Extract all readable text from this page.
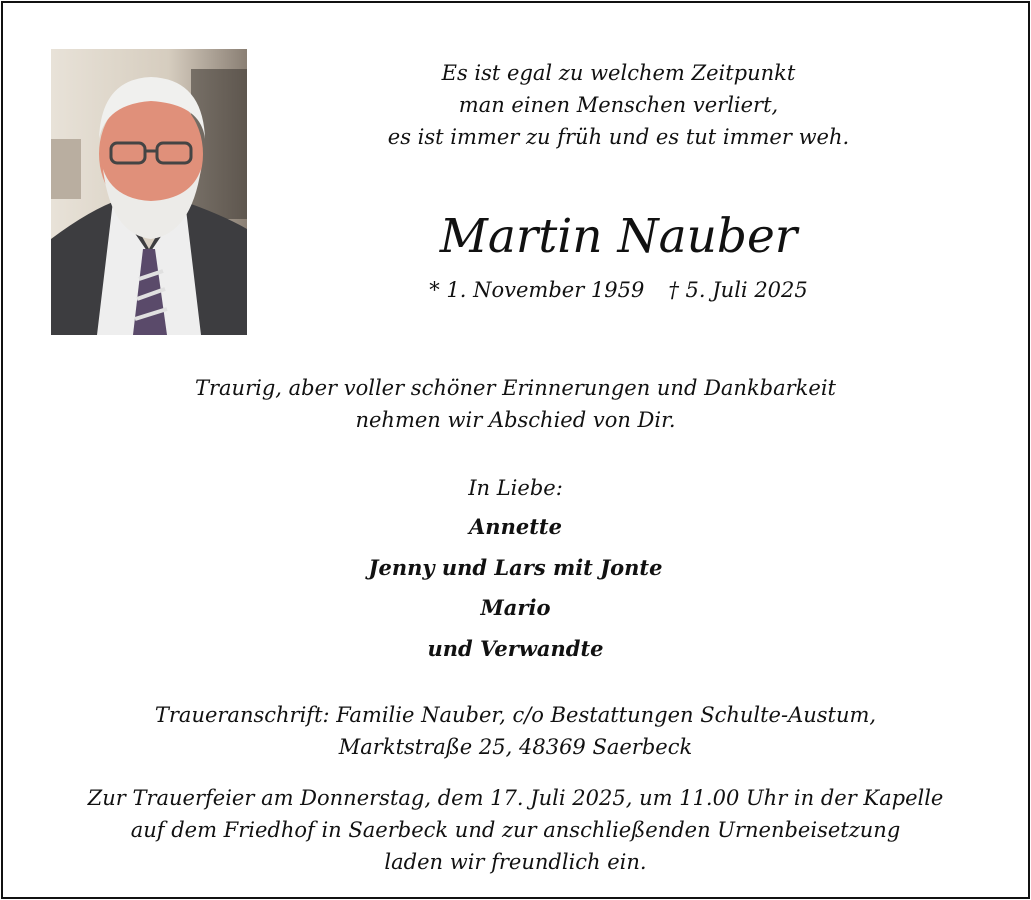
Es ist egal zu welchem Zeitpunkt
man einen Menschen verliert,
es ist immer zu früh und es tut immer weh.
Martin Nauber
* 1. November 1959 † 5. Juli 2025
Traurig, aber voller schöner Erinnerungen und Dankbarkeit
nehmen wir Abschied von Dir.
In Liebe:
Annette
Jenny und Lars mit Jonte
Mario
und Verwandte
Traueranschrift: Familie Nauber, c/o Bestattungen Schulte-Austum,
Marktstraße 25, 48369 Saerbeck
Zur Trauerfeier am Donnerstag, dem 17. Juli 2025, um 11.00 Uhr in der Kapelle
auf dem Friedhof in Saerbeck und zur anschließenden Urnenbeisetzung
laden wir freundlich ein.
